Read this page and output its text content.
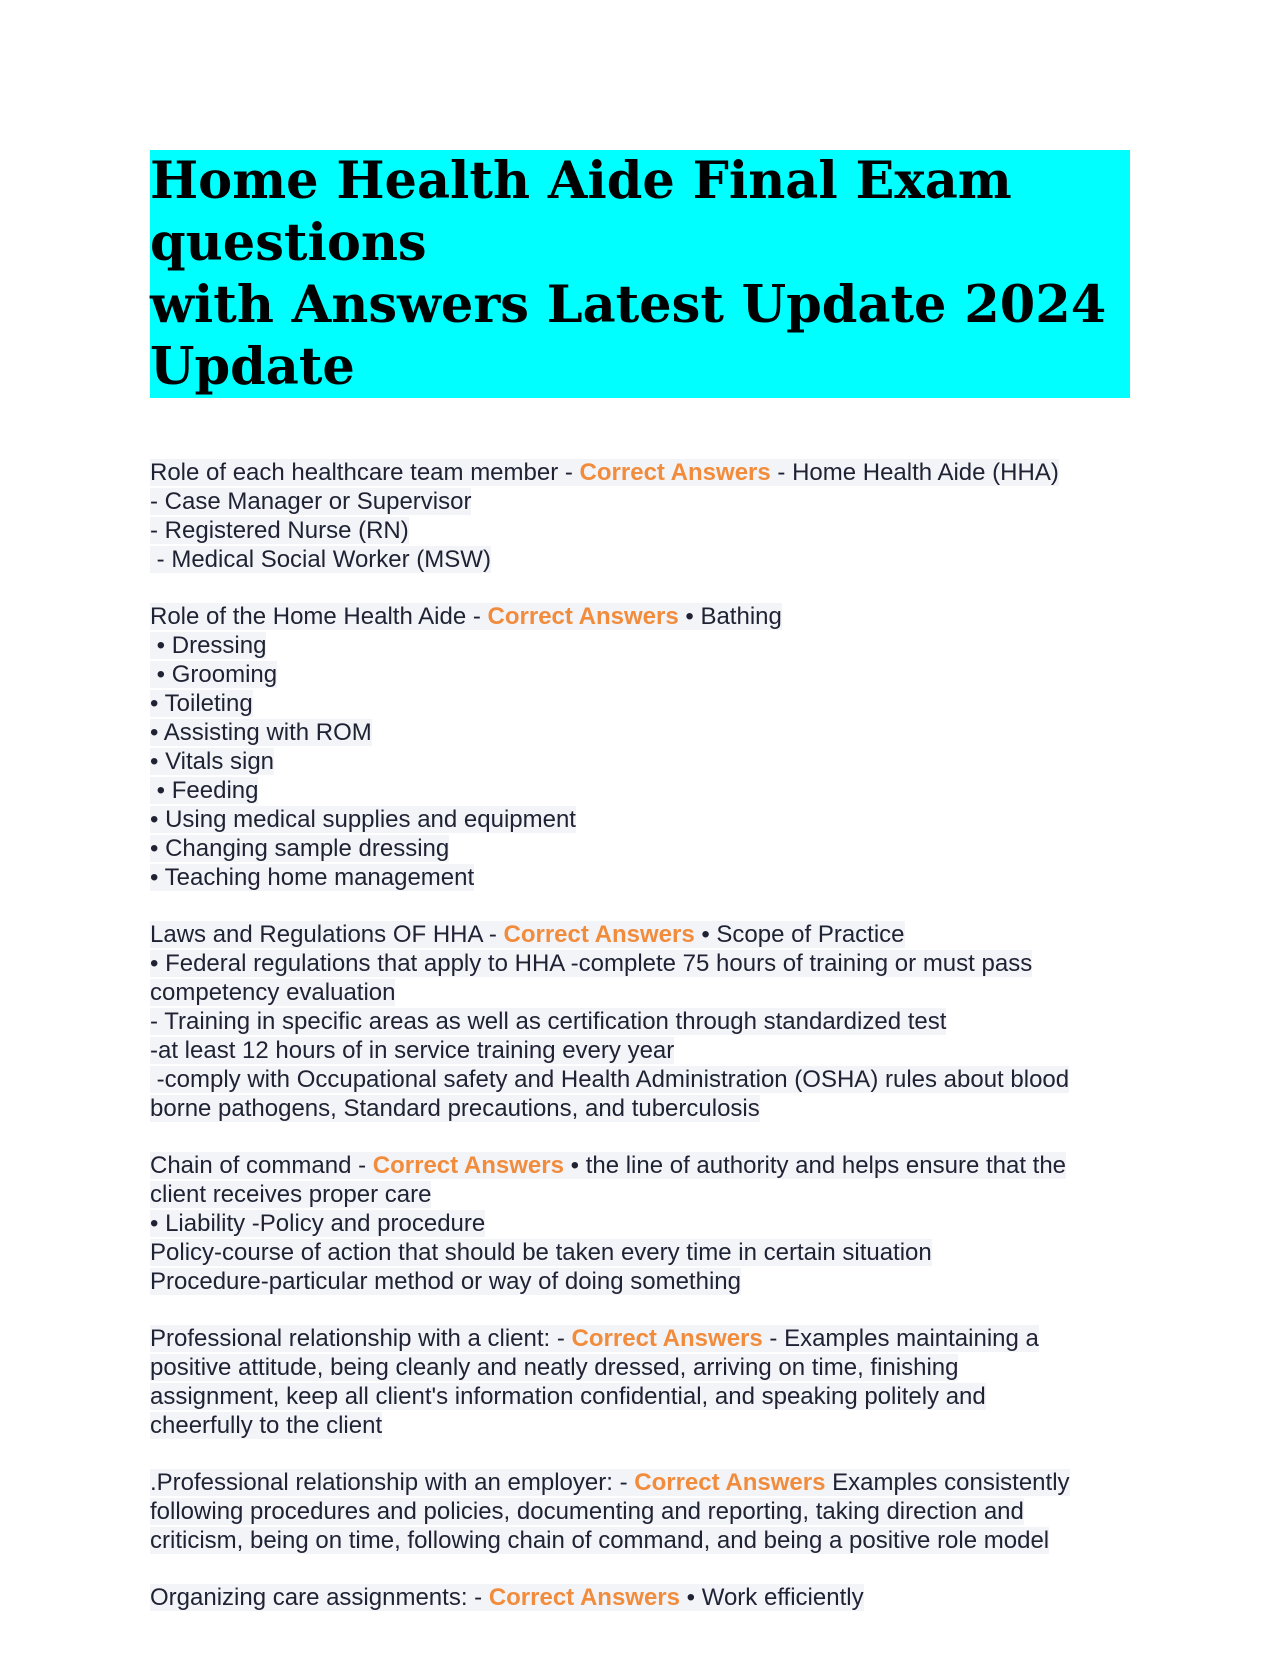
Home Health Aide Final Examquestions
with Answers Latest Update 2024 Update
Role of each healthcare team member - Correct Answers - Home Health Aide (HHA)
- Case Manager or Supervisor
- Registered Nurse (RN)
- Medical Social Worker (MSW)
Role of the Home Health Aide - Correct Answers • Bathing
• Dressing
• Grooming
• Toileting
• Assisting with ROM
• Vitals sign
• Feeding
• Using medical supplies and equipment
• Changing sample dressing
• Teaching home management
Laws and Regulations OF HHA - Correct Answers • Scope of Practice
• Federal regulations that apply to HHA -complete 75 hours of training or must pass
competency evaluation
- Training in specific areas as well as certification through standardized test
-at least 12 hours of in service training every year
-comply with Occupational safety and Health Administration (OSHA) rules about blood
borne pathogens, Standard precautions, and tuberculosis
Chain of command - Correct Answers • the line of authority and helps ensure that the
client receives proper care
• Liability -Policy and procedure
Policy-course of action that should be taken every time in certain situation
Procedure-particular method or way of doing something
Professional relationship with a client: - Correct Answers - Examples maintaining a
positive attitude, being cleanly and neatly dressed, arriving on time, finishing
assignment, keep all client's information confidential, and speaking politely and
cheerfully to the client
.Professional relationship with an employer: - Correct Answers Examples consistently
following procedures and policies, documenting and reporting, taking direction and
criticism, being on time, following chain of command, and being a positive role model
Organizing care assignments: - Correct Answers • Work efficiently
